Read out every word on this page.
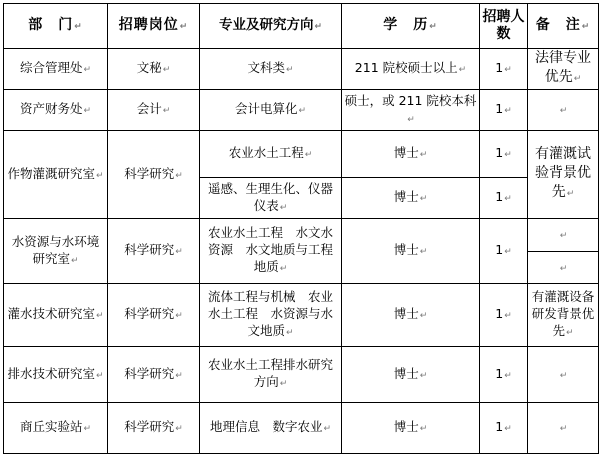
部　门↵	招聘岗位↵	专业及研究方向↵	学　历↵	招聘人数	备　注↵
综合管理处↵	文秘↵	文科类↵	211 院校硕士以上↵	1↵	法律专业优先↵
资产财务处↵	会计↵	会计电算化↵	硕士，或 211 院校本科↵	1↵	↵
作物灌溉研究室↵	科学研究↵	农业水土工程↵	博士↵	1↵	有灌溉试验背景优先↵
		遥感、生理生化、仪器仪表↵	博士↵	1↵	
水资源与水环境研究室↵	科学研究↵	农业水土工程　水文水资源　水文地质与工程地质↵	博士↵	1↵	↵
					↵
灌水技术研究室↵	科学研究↵	流体工程与机械　农业水土工程　水资源与水文地质↵	博士↵	1↵	有灌溉设备研发背景优先↵
排水技术研究室↵	科学研究↵	农业水土工程排水研究方向↵	博士↵	1↵	↵
商丘实验站↵	科学研究↵	地理信息　数字农业↵	博士↵	1↵	↵
